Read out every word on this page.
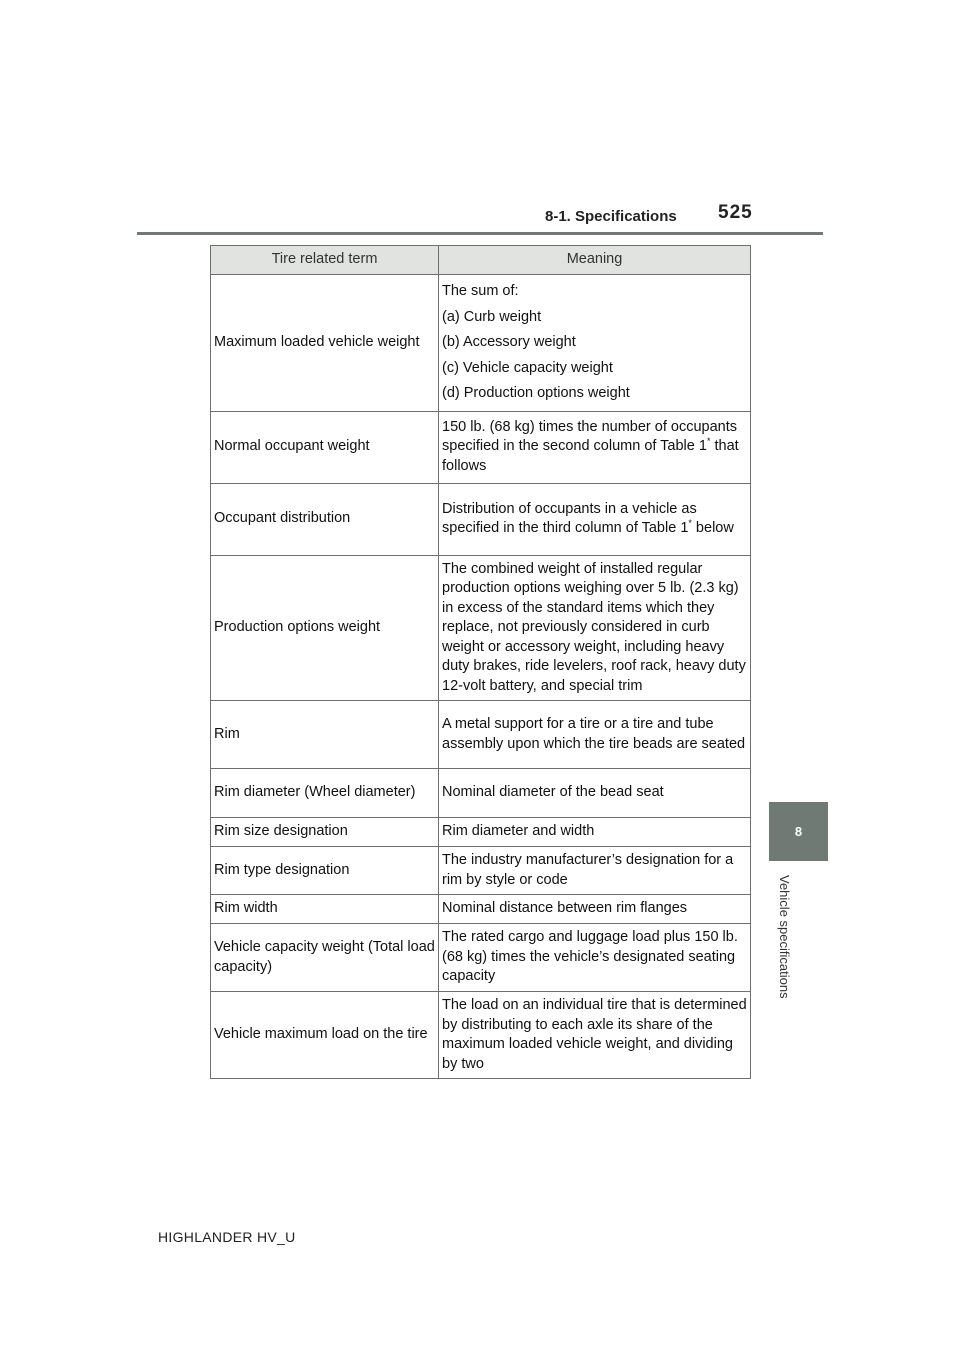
8-1. Specifications 525
8
Vehicle specifications
Tire related term	Meaning
Maximum loaded vehicle weight	The sum of:
(a) Curb weight
(b) Accessory weight
(c) Vehicle capacity weight
(d) Production options weight

Normal occupant weight	150 lb. (68 kg) times the number of occupants specified in the second column of Table 1* that follows
Occupant distribution	Distribution of occupants in a vehicle as specified in the third column of Table 1* below
Production options weight	The combined weight of installed regular production options weighing over 5 lb. (2.3 kg) in excess of the standard items which they replace, not previously considered in curb weight or accessory weight, including heavy duty brakes, ride levelers, roof rack, heavy duty 12-volt battery, and special trim
Rim	A metal support for a tire or a tire and tube assembly upon which the tire beads are seated
Rim diameter (Wheel diameter)	Nominal diameter of the bead seat
Rim size designation	Rim diameter and width
Rim type designation	The industry manufacturer’s designation for a rim by style or code
Rim width	Nominal distance between rim flanges
Vehicle capacity weight (Total load capacity)	The rated cargo and luggage load plus 150 lb. (68 kg) times the vehicle’s designated seating capacity
Vehicle maximum load on the tire	The load on an individual tire that is determined by distributing to each axle its share of the maximum loaded vehicle weight, and dividing by two
HIGHLANDER HV_U
